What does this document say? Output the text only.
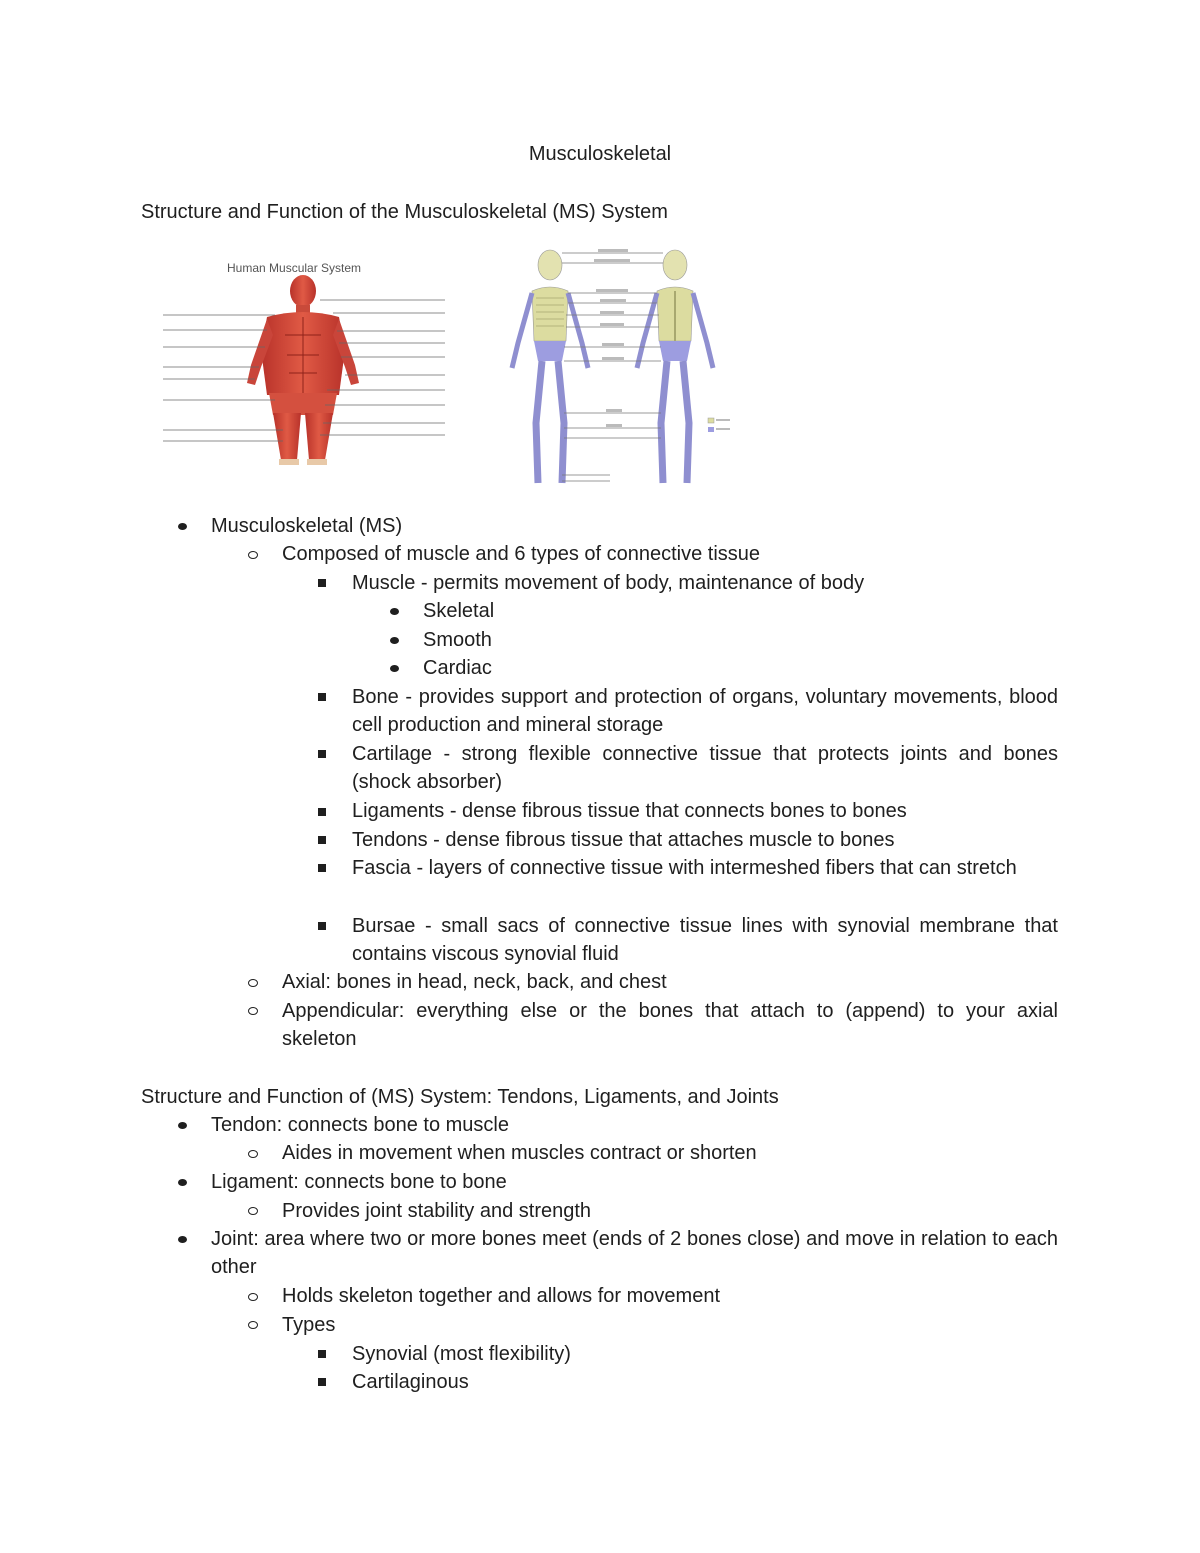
Musculoskeletal
Structure and Function of the Musculoskeletal (MS) System
Human Muscular System
Musculoskeletal (MS)
Composed of muscle and 6 types of connective tissue
Muscle - permits movement of body, maintenance of body
Skeletal
Smooth
Cardiac
Bone - provides support and protection of organs, voluntary movements, blood cell production and mineral storage
Cartilage - strong flexible connective tissue that protects joints and bones (shock absorber)
Ligaments - dense fibrous tissue that connects bones to bones
Tendons - dense fibrous tissue that attaches muscle to bones
Fascia - layers of connective tissue with intermeshed fibers that can stretch
Bursae - small sacs of connective tissue lines with synovial membrane that contains viscous synovial fluid
Axial: bones in head, neck, back, and chest
Appendicular: everything else or the bones that attach to (append) to your axial skeleton
Structure and Function of (MS) System: Tendons, Ligaments, and Joints
Tendon: connects bone to muscle
Aides in movement when muscles contract or shorten
Ligament: connects bone to bone
Provides joint stability and strength
Joint: area where two or more bones meet (ends of 2 bones close) and move in relation to each other
Holds skeleton together and allows for movement
Types
Synovial (most flexibility)
Cartilaginous
